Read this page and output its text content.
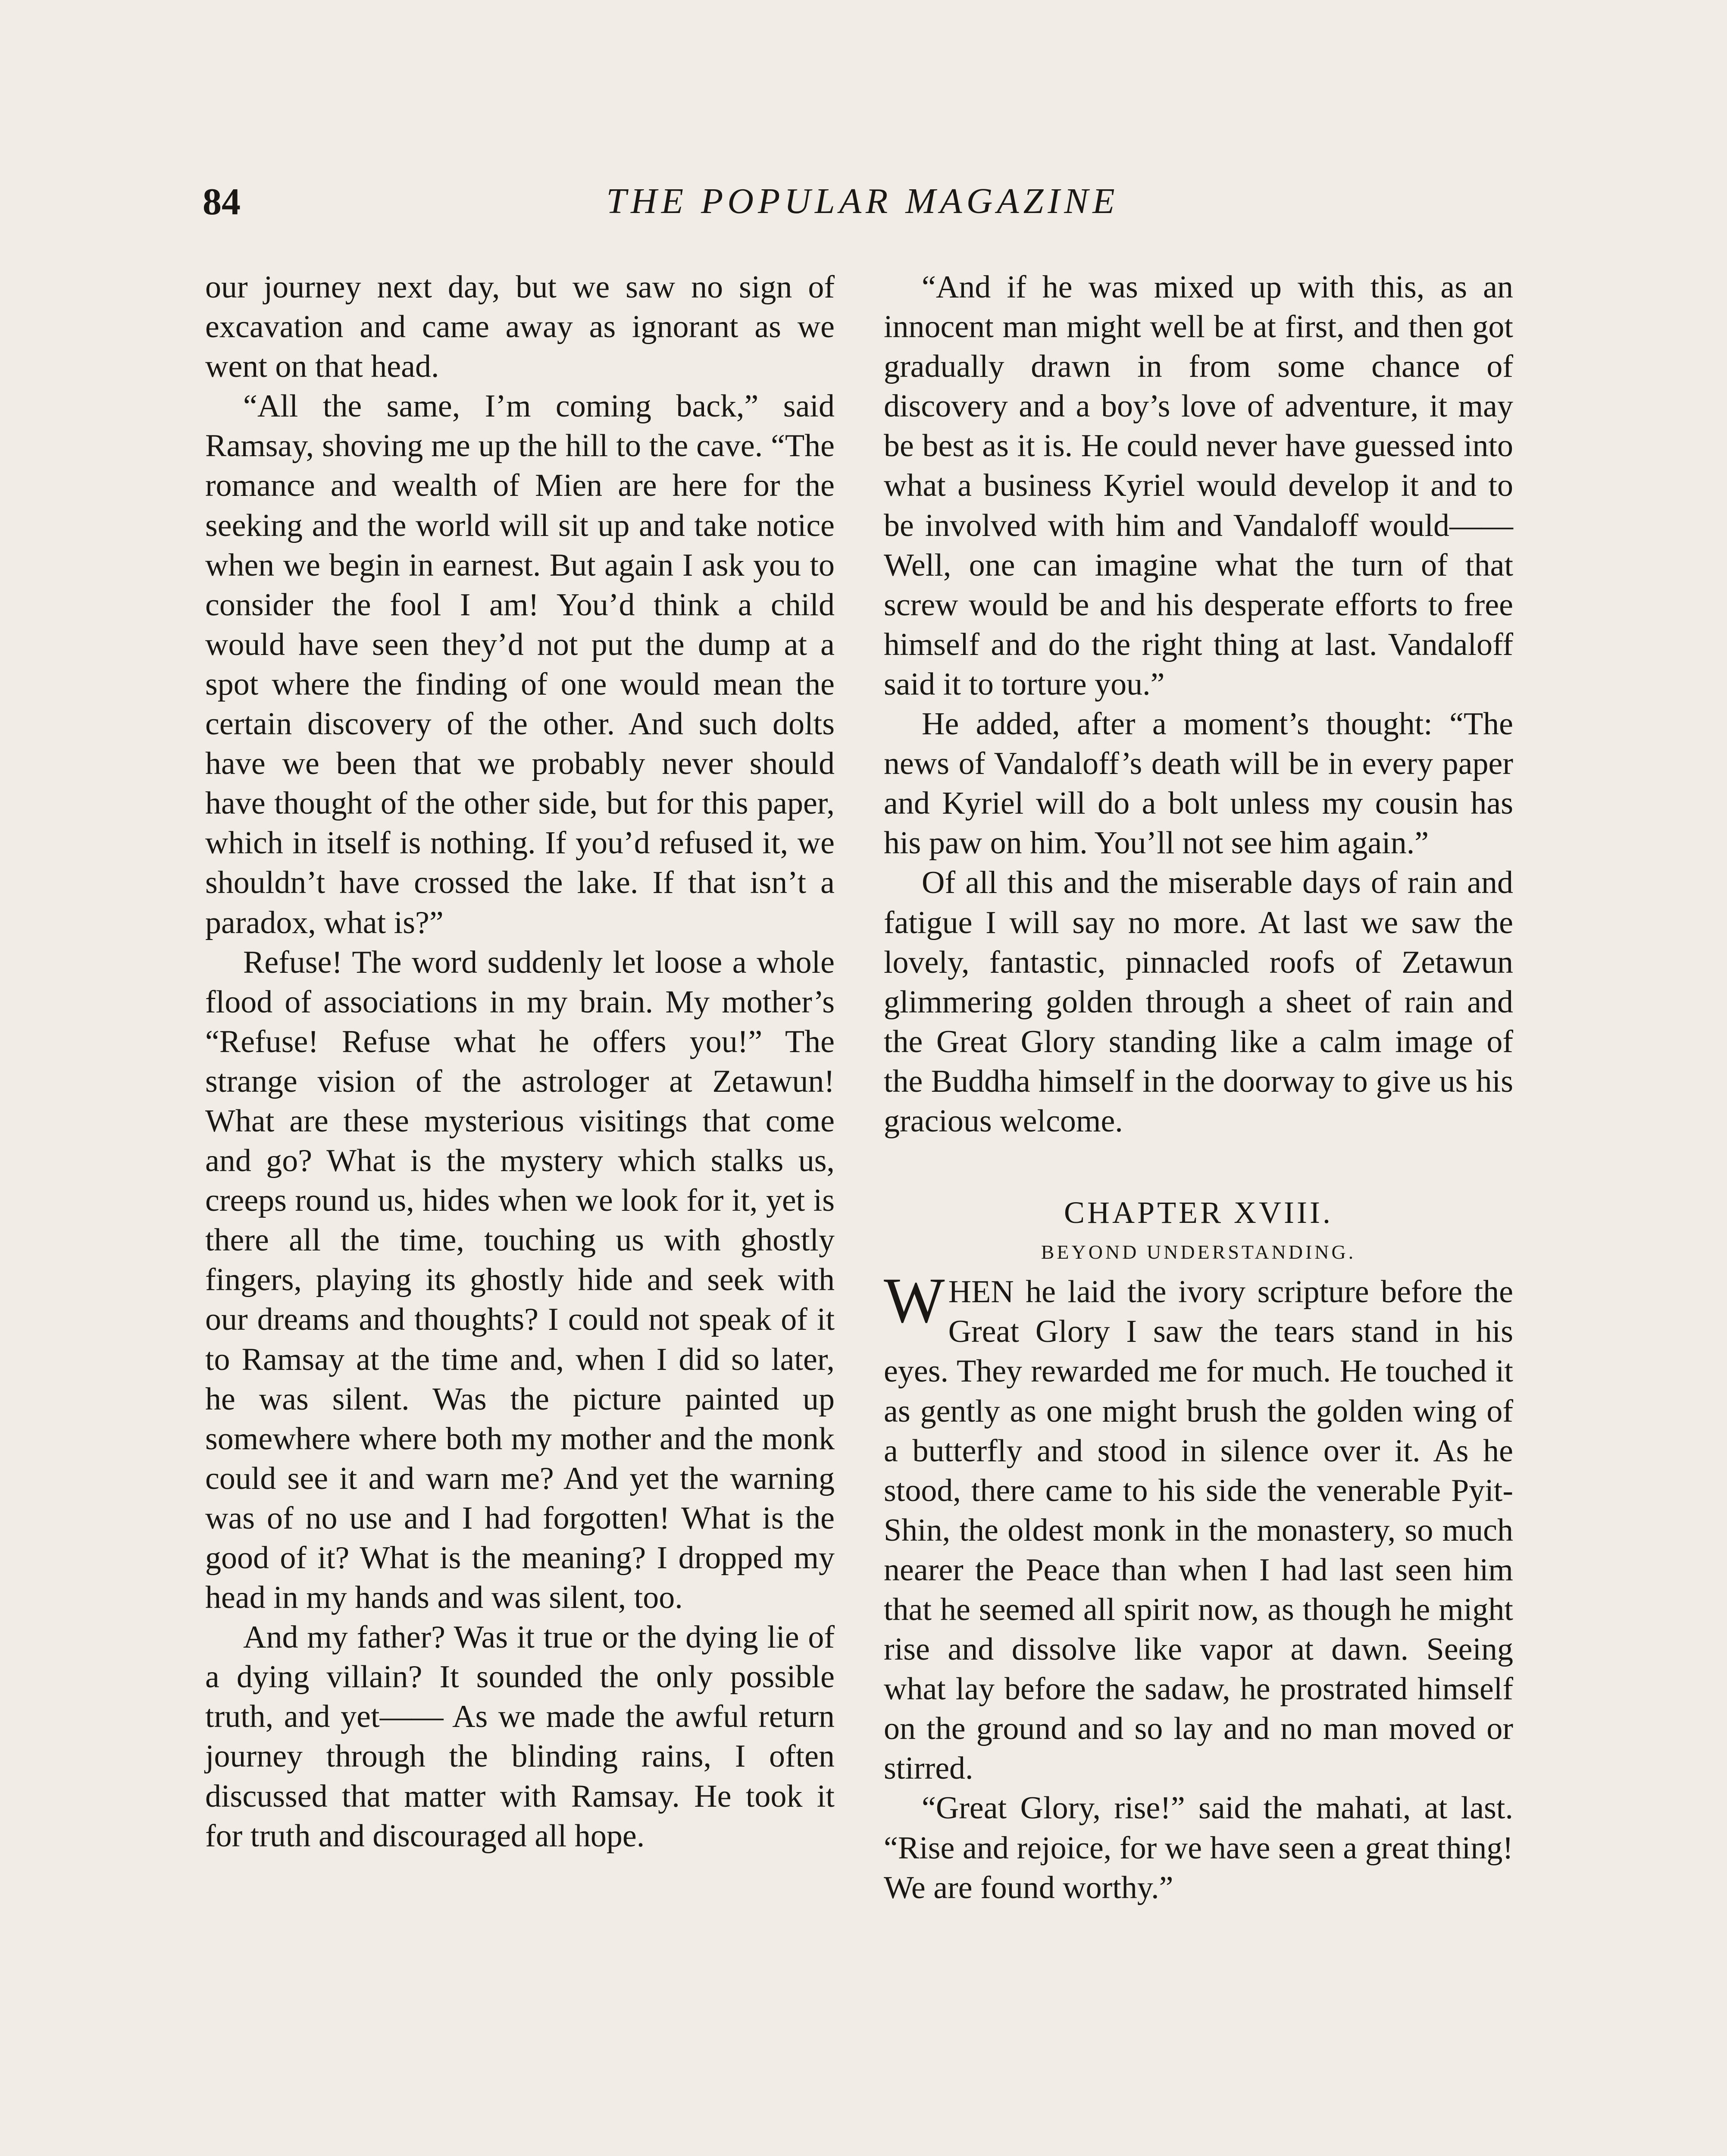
84	THE POPULAR MAGAZINE

our journey next day, but we saw no sign of excavation and came away as ignorant as we went on that head.

“All the same, I’m coming back,” said Ramsay, shoving me up the hill to the cave. “The romance and wealth of Mien are here for the seeking and the world will sit up and take notice when we begin in earnest. But again I ask you to consider the fool I am! You’d think a child would have seen they’d not put the dump at a spot where the finding of one would mean the certain discovery of the other. And such dolts have we been that we probably never should have thought of the other side, but for this paper, which in itself is nothing. If you’d refused it, we shouldn’t have crossed the lake. If that isn’t a paradox, what is?”

Refuse! The word suddenly let loose a whole flood of associations in my brain. My mother’s “Refuse! Refuse what he offers you!” The strange vision of the astrologer at Zetawun! What are these mysterious visitings that come and go? What is the mystery which stalks us, creeps round us, hides when we look for it, yet is there all the time, touching us with ghostly fingers, playing its ghostly hide and seek with our dreams and thoughts? I could not speak of it to Ramsay at the time and, when I did so later, he was silent. Was the picture painted up somewhere where both my mother and the monk could see it and warn me? And yet the warning was of no use and I had forgotten! What is the good of it? What is the meaning? I dropped my head in my hands and was silent, too.

And my father? Was it true or the dying lie of a dying villain? It sounded the only possible truth, and yet—— As we made the awful return journey through the blinding rains, I often discussed that matter with Ramsay. He took it for truth and discouraged all hope.

“And if he was mixed up with this, as an innocent man might well be at first, and then got gradually drawn in from some chance of discovery and a boy’s love of adventure, it may be best as it is. He could never have guessed into what a business Kyriel would develop it and to be involved with him and Vandaloff would—— Well, one can imagine what the turn of that screw would be and his desperate efforts to free himself and do the right thing at last. Vandaloff said it to torture you.”

He added, after a moment’s thought: “The news of Vandaloff’s death will be in every paper and Kyriel will do a bolt unless my cousin has his paw on him. You’ll not see him again.”

Of all this and the miserable days of rain and fatigue I will say no more. At last we saw the lovely, fantastic, pinnacled roofs of Zetawun glimmering golden through a sheet of rain and the Great Glory standing like a calm image of the Buddha himself in the doorway to give us his gracious welcome.

CHAPTER XVIII.

BEYOND UNDERSTANDING.

WHEN he laid the ivory scripture before the Great Glory I saw the tears stand in his eyes. They rewarded me for much. He touched it as gently as one might brush the golden wing of a butterfly and stood in silence over it. As he stood, there came to his side the venerable Pyit-Shin, the oldest monk in the monastery, so much nearer the Peace than when I had last seen him that he seemed all spirit now, as though he might rise and dissolve like vapor at dawn. Seeing what lay before the sadaw, he prostrated himself on the ground and so lay and no man moved or stirred.

“Great Glory, rise!” said the mahati, at last. “Rise and rejoice, for we have seen a great thing! We are found worthy.”
